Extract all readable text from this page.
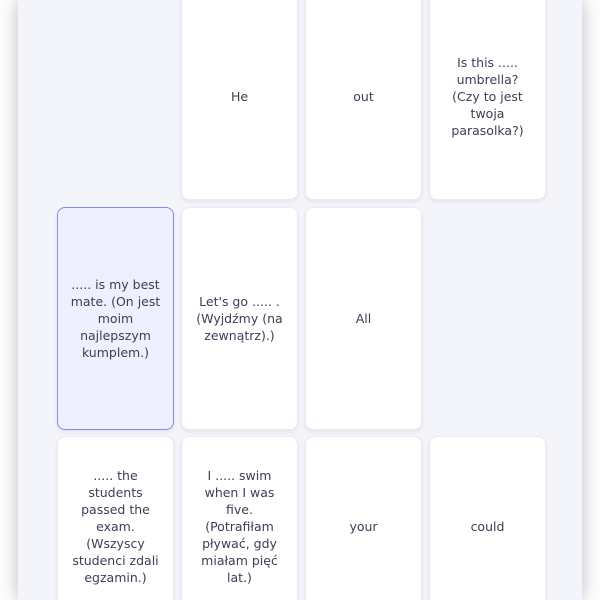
He	out
Is this ..... umbrella? (Czy to jest twoja parasolka?)
..... is my best mate. (On jest moim najlepszym kumplem.)
Let's go ..... . (Wyjdźmy (na zewnątrz).)
All
..... the students passed the exam. (Wszyscy studenci zdali egzamin.)
I ..... swim when I was five. (Potrafiłam pływać, gdy miałam pięć lat.)
your	could
